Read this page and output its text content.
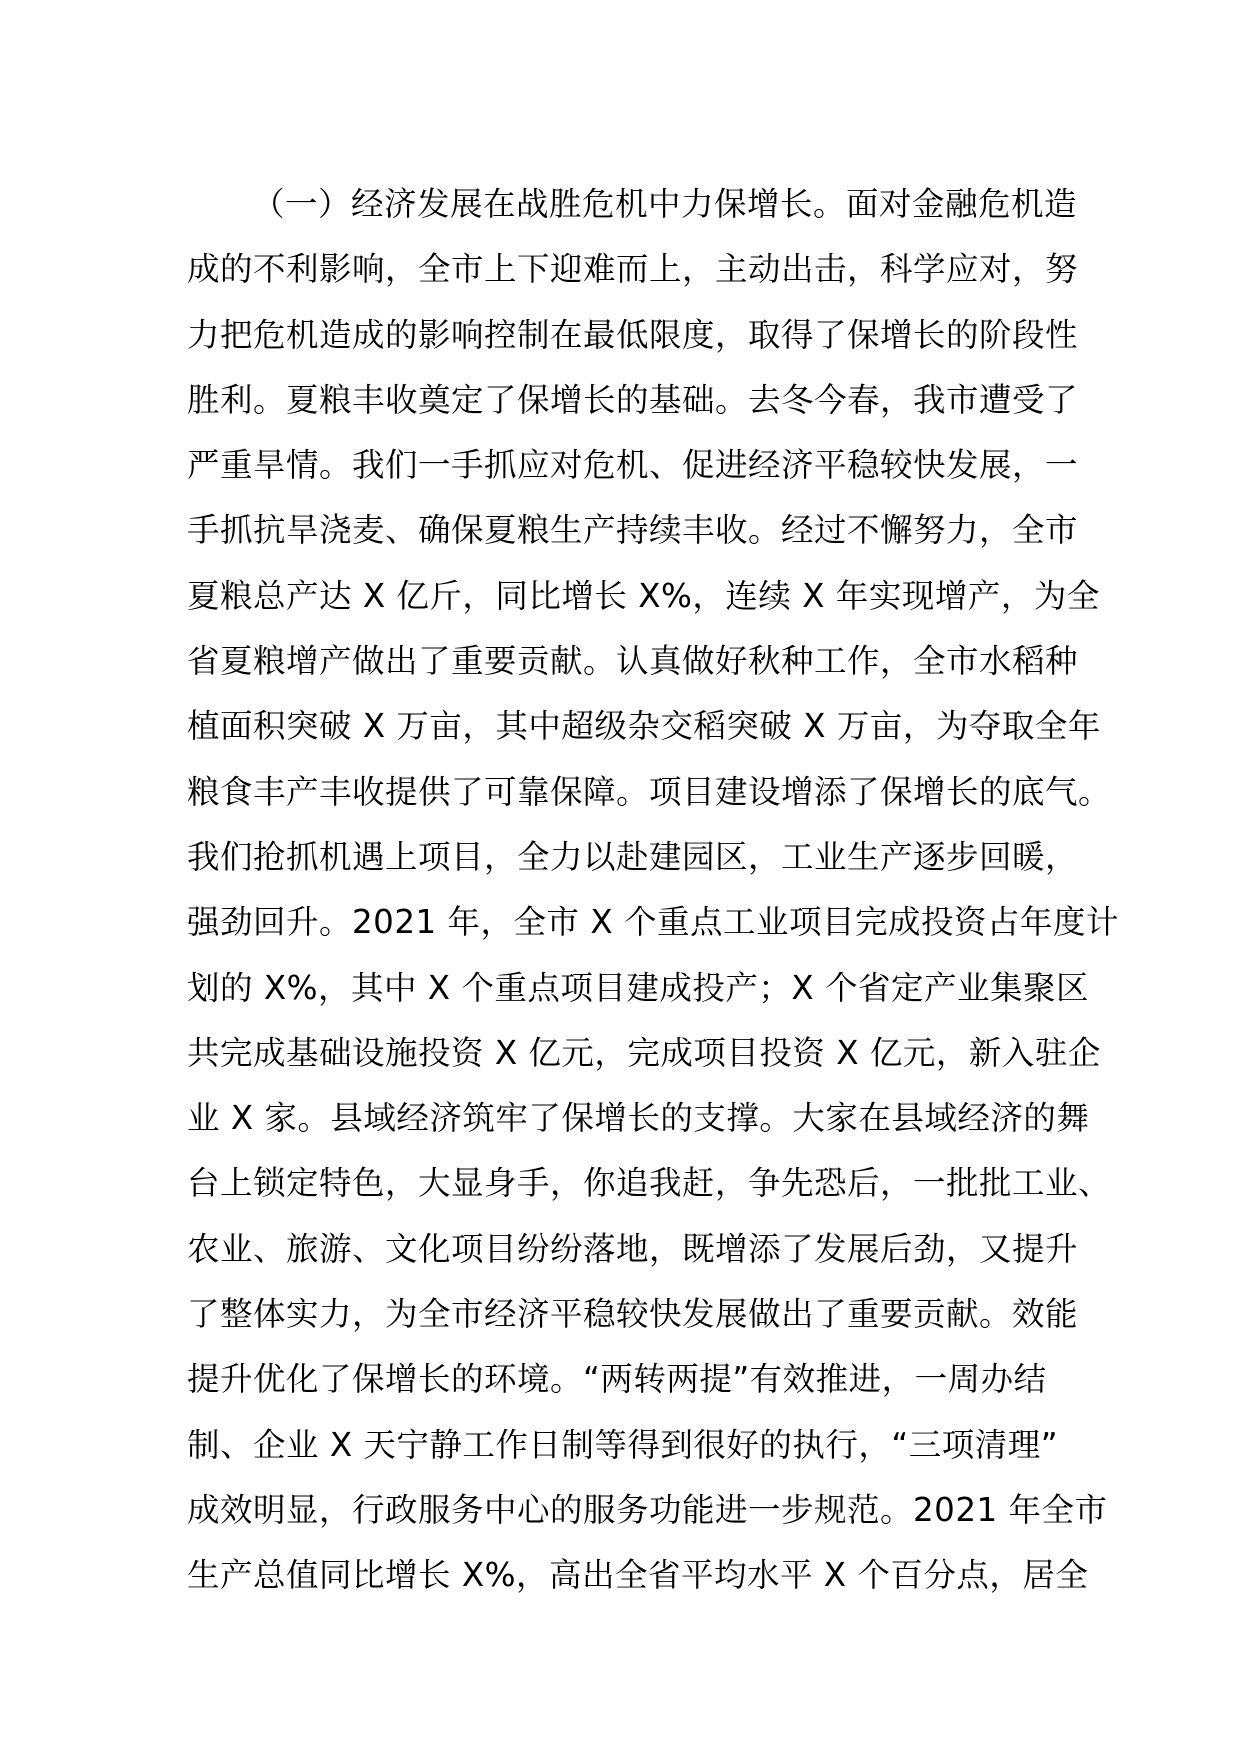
（一）经济发展在战胜危机中力保增长。面对金融危机造
成的不利影响，全市上下迎难而上，主动出击，科学应对，努
力把危机造成的影响控制在最低限度，取得了保增长的阶段性
胜利。夏粮丰收奠定了保增长的基础。去冬今春，我市遭受了
严重旱情。我们一手抓应对危机、促进经济平稳较快发展，一
手抓抗旱浇麦、确保夏粮生产持续丰收。经过不懈努力，全市
夏粮总产达 X 亿斤，同比增长 X%，连续 X 年实现增产，为全
省夏粮增产做出了重要贡献。认真做好秋种工作，全市水稻种
植面积突破 X 万亩，其中超级杂交稻突破 X 万亩，为夺取全年
粮食丰产丰收提供了可靠保障。项目建设增添了保增长的底气。
我们抢抓机遇上项目，全力以赴建园区，工业生产逐步回暖，
强劲回升。2021 年，全市 X 个重点工业项目完成投资占年度计
划的 X%，其中 X 个重点项目建成投产；X 个省定产业集聚区
共完成基础设施投资 X 亿元，完成项目投资 X 亿元，新入驻企
业 X 家。县域经济筑牢了保增长的支撑。大家在县域经济的舞
台上锁定特色，大显身手，你追我赶，争先恐后，一批批工业、
农业、旅游、文化项目纷纷落地，既增添了发展后劲，又提升
了整体实力，为全市经济平稳较快发展做出了重要贡献。效能
提升优化了保增长的环境。“两转两提”有效推进，一周办结
制、企业 X 天宁静工作日制等得到很好的执行，“三项清理”
成效明显，行政服务中心的服务功能进一步规范。2021 年全市
生产总值同比增长 X%，高出全省平均水平 X 个百分点，居全
